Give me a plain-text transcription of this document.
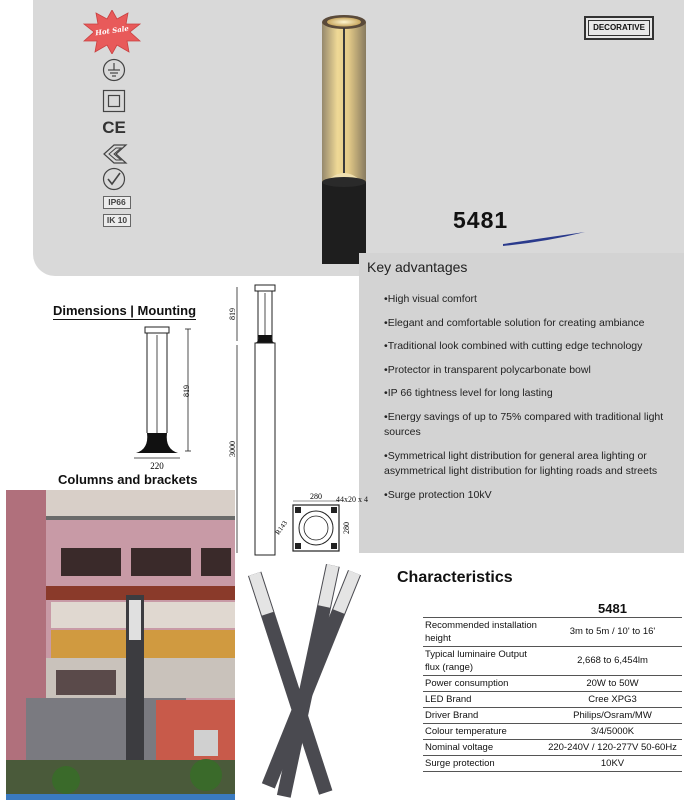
Hot Sale
CE
IP66
IK 10
DECORATIVE
5481
Key advantages
• High visual comfort
• Elegant and comfortable solution for creating ambiance
• Traditional look combined with cutting edge technology
• Protector in transparent polycarbonate bowl
• IP 66 tightness level for long lasting
• Energy savings of up to 75% compared with traditional light sources
• Symmetrical light distribution for general area lighting or asymmetrical light distribution for lighting roads and streets
• Surge protection 10kV
Dimensions | Mounting
819
220
Columns and brackets
819
3000
280
R143	280
44x20 x 4
Characteristics
	5481
Recommended installation height	3m to 5m / 10' to 16'
Typical luminaire Output flux (range)	2,668 to 6,454lm
Power consumption	20W to 50W
LED Brand	Cree XPG3
Driver Brand	Philips/Osram/MW
Colour temperature	3/4/5000K
Nominal voltage	220-240V / 120-277V 50-60Hz
Surge protection	10KV
